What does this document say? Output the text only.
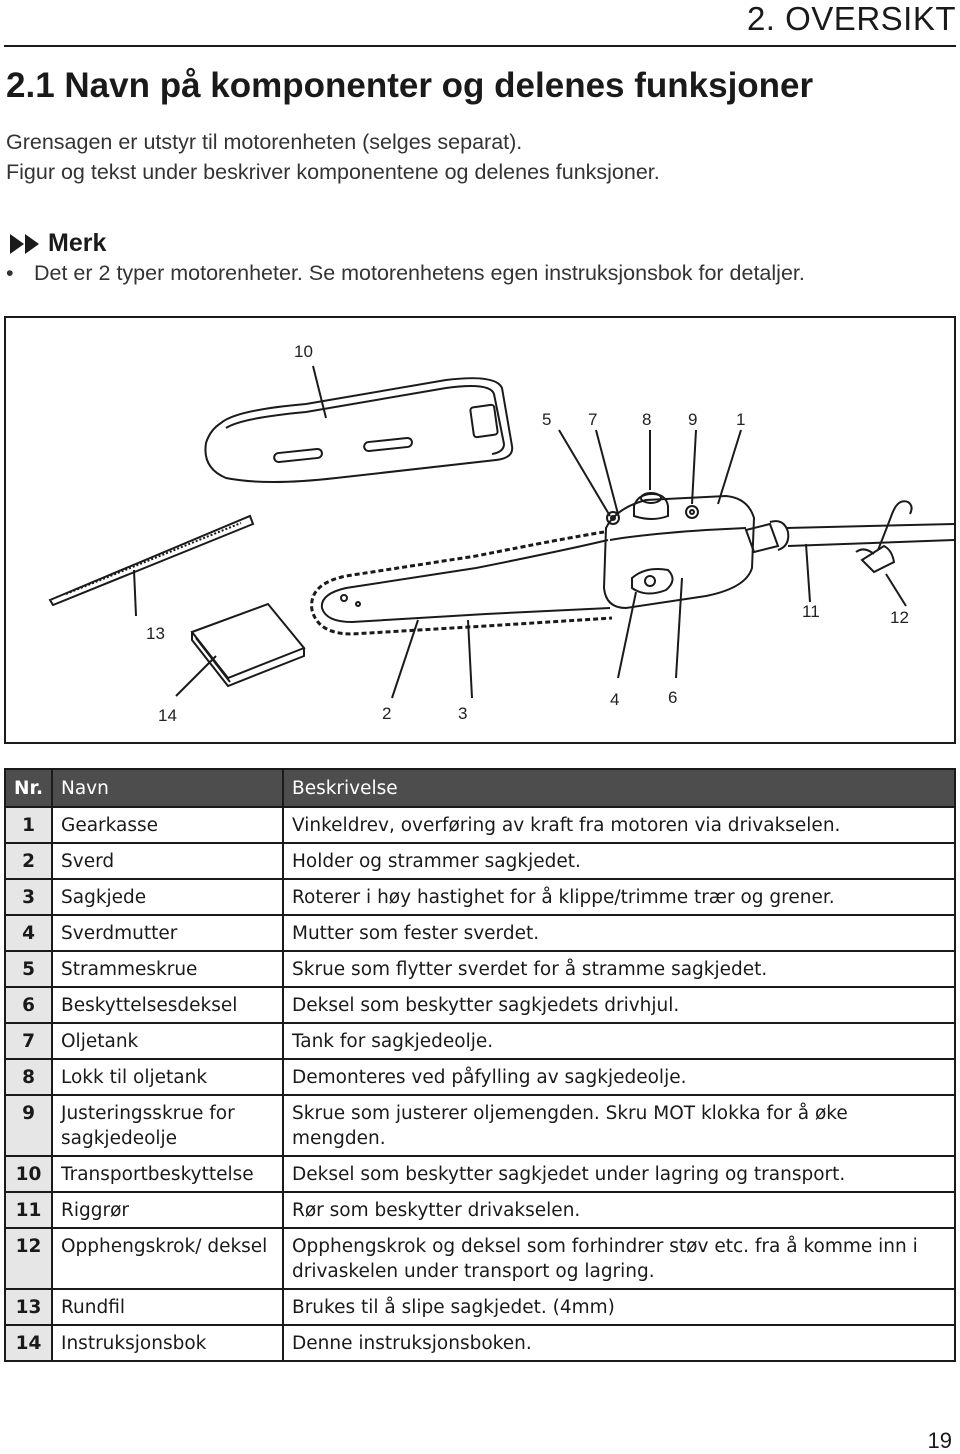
2. OVERSIKT
2.1 Navn på komponenter og delenes funksjoner
Grensagen er utstyr til motorenheten (selges separat).
Figur og tekst under beskriver komponentene og delenes funksjoner.
Merk
• Det er 2 typer motorenheter. Se motorenhetens egen instruksjonsbok for detaljer.
10
5 7	8 9 1
13
11	12
14	2	3
4	6
Nr.	Navn	Beskrivelse
1	Gearkasse	Vinkeldrev, overføring av kraft fra motoren via drivakselen.
2	Sverd	Holder og strammer sagkjedet.
3	Sagkjede	Roterer i høy hastighet for å klippe/trimme trær og grener.
4	Sverdmutter	Mutter som fester sverdet.
5	Strammeskrue	Skrue som flytter sverdet for å stramme sagkjedet.
6	Beskyttelsesdeksel	Deksel som beskytter sagkjedets drivhjul.
7	Oljetank	Tank for sagkjedeolje.
8	Lokk til oljetank	Demonteres ved påfylling av sagkjedeolje.
9	Justeringsskrue for sagkjedeolje	Skrue som justerer oljemengden. Skru MOT klokka for å øke mengden.
10	Transportbeskyttelse	Deksel som beskytter sagkjedet under lagring og transport.
11	Riggrør	Rør som beskytter drivakselen.
12	Opphengskrok/ deksel	Opphengskrok og deksel som forhindrer støv etc. fra å komme inn i drivaskelen under transport og lagring.
13	Rundfil	Brukes til å slipe sagkjedet. (4mm)
14	Instruksjonsbok	Denne instruksjonsboken.
19
